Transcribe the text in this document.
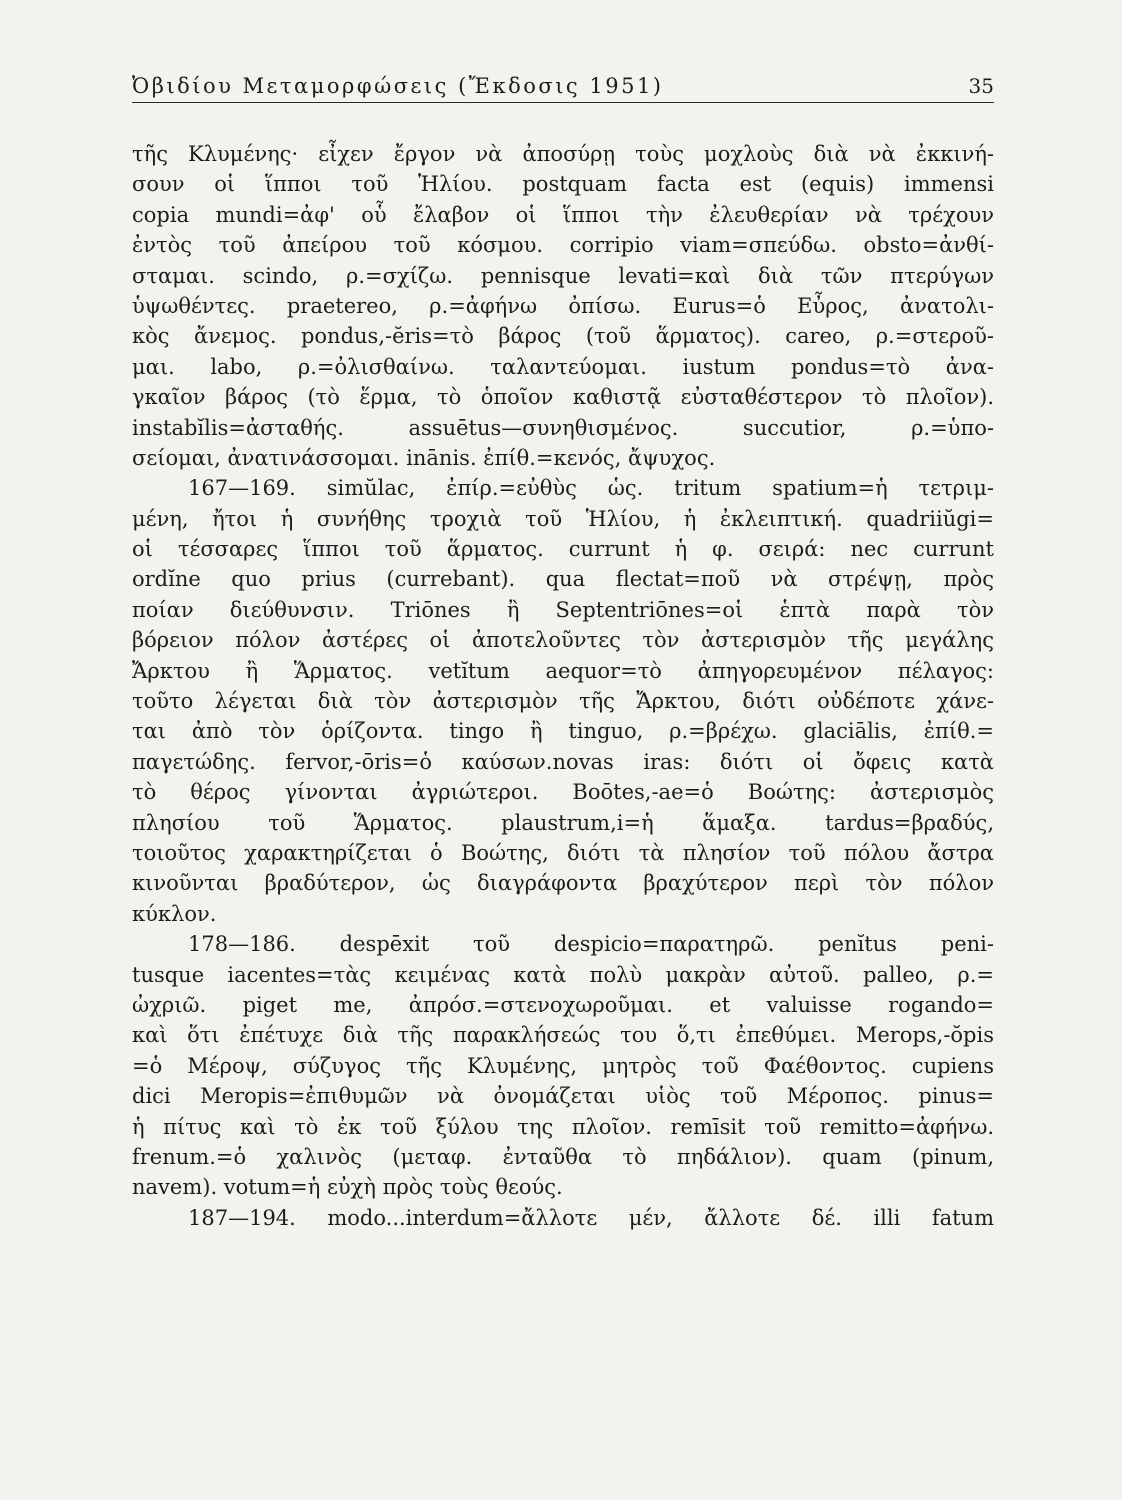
Ὀβιδίου Μεταμορφώσεις (Ἔκδοσις 1951)	35
τῆς Κλυμένης· εἶχεν ἔργον νὰ ἀποσύρῃ τοὺς μοχλοὺς διὰ νὰ ἐκκινή-
σουν οἱ ἵπποι τοῦ Ἡλίου. postquam facta est (equis) immensi
copia mundi=ἀφ' οὗ ἔλαβον οἱ ἵπποι τὴν ἐλευθερίαν νὰ τρέχουν
ἐντὸς τοῦ ἀπείρου τοῦ κόσμου. corripio viam=σπεύδω. obsto=ἀνθί-
σταμαι. scindo, ρ.=σχίζω. pennisque levati=καὶ διὰ τῶν πτερύγων
ὑψωθέντες. praetereo, ρ.=ἀφήνω ὀπίσω. Eurus=ὁ Εὖρος, ἀνατολι-
κὸς ἄνεμος. pondus,-ĕris=τὸ βάρος (τοῦ ἅρματος). careo, ρ.=στεροῦ-
μαι. labo, ρ.=ὀλισθαίνω. ταλαντεύομαι. iustum pondus=τὸ ἀνα-
γκαῖον βάρος (τὸ ἕρμα, τὸ ὁποῖον καθιστᾷ εὐσταθέστερον τὸ πλοῖον).
instabĭlis=ἀσταθής. assuētus—συνηθισμένος. succutior, ρ.=ὑπο-
σείομαι, ἀνατινάσσομαι. inānis. ἐπίθ.=κενός, ἄψυχος.
167—169. simŭlac, ἐπίρ.=εὐθὺς ὡς. tritum spatium=ἡ τετριμ-
μένη, ἤτοι ἡ συνήθης τροχιὰ τοῦ Ἡλίου, ἡ ἐκλειπτική. quadriiŭgi=
οἱ τέσσαρες ἵπποι τοῦ ἅρματος. currunt ἡ φ. σειρά: nec currunt
ordĭne quo prius (currebant). qua flectat=ποῦ νὰ στρέψῃ, πρὸς
ποίαν διεύθυνσιν. Triōnes ἢ Septentriōnes=οἱ ἑπτὰ παρὰ τὸν
βόρειον πόλον ἀστέρες οἱ ἀποτελοῦντες τὸν ἀστερισμὸν τῆς μεγάλης
Ἄρκτου ἢ Ἅρματος. vetĭtum aequor=τὸ ἀπηγορευμένον πέλαγος:
τοῦτο λέγεται διὰ τὸν ἀστερισμὸν τῆς Ἄρκτου, διότι οὐδέποτε χάνε-
ται ἀπὸ τὸν ὁρίζοντα. tingo ἢ tinguo, ρ.=βρέχω. glaciālis, ἐπίθ.=
παγετώδης. fervor,-ōris=ὁ καύσων.novas iras: διότι οἱ ὄφεις κατὰ
τὸ θέρος γίνονται ἀγριώτεροι. Boōtes,-ae=ὁ Βοώτης: ἀστερισμὸς
πλησίου τοῦ Ἅρματος. plaustrum,i=ἡ ἅμαξα. tardus=βραδύς,
τοιοῦτος χαρακτηρίζεται ὁ Βοώτης, διότι τὰ πλησίον τοῦ πόλου ἄστρα
κινοῦνται βραδύτερον, ὡς διαγράφοντα βραχύτερον περὶ τὸν πόλον
κύκλον.
178—186. despēxit τοῦ despicio=παρατηρῶ. penĭtus peni-
tusque iacentes=τὰς κειμένας κατὰ πολὺ μακρὰν αὐτοῦ. palleo, ρ.=
ὠχριῶ. piget me, ἀπρόσ.=στενοχωροῦμαι. et valuisse rogando=
καὶ ὅτι ἐπέτυχε διὰ τῆς παρακλήσεώς του ὅ,τι ἐπεθύμει. Merops,-ŏpis
=ὁ Μέροψ, σύζυγος τῆς Κλυμένης, μητρὸς τοῦ Φαέθοντος. cupiens
dici Meropis=ἐπιθυμῶν νὰ ὀνομάζεται υἱὸς τοῦ Μέροπος. pinus=
ἡ πίτυς καὶ τὸ ἐκ τοῦ ξύλου της πλοῖον. remīsit τοῦ remitto=ἀφήνω.
frenum.=ὁ χαλινὸς (μεταφ. ἐνταῦθα τὸ πηδάλιον). quam (pinum,
navem). votum=ἡ εὐχὴ πρὸς τοὺς θεούς.
187—194. modo...interdum=ἄλλοτε μέν, ἄλλοτε δέ. illi fatum
